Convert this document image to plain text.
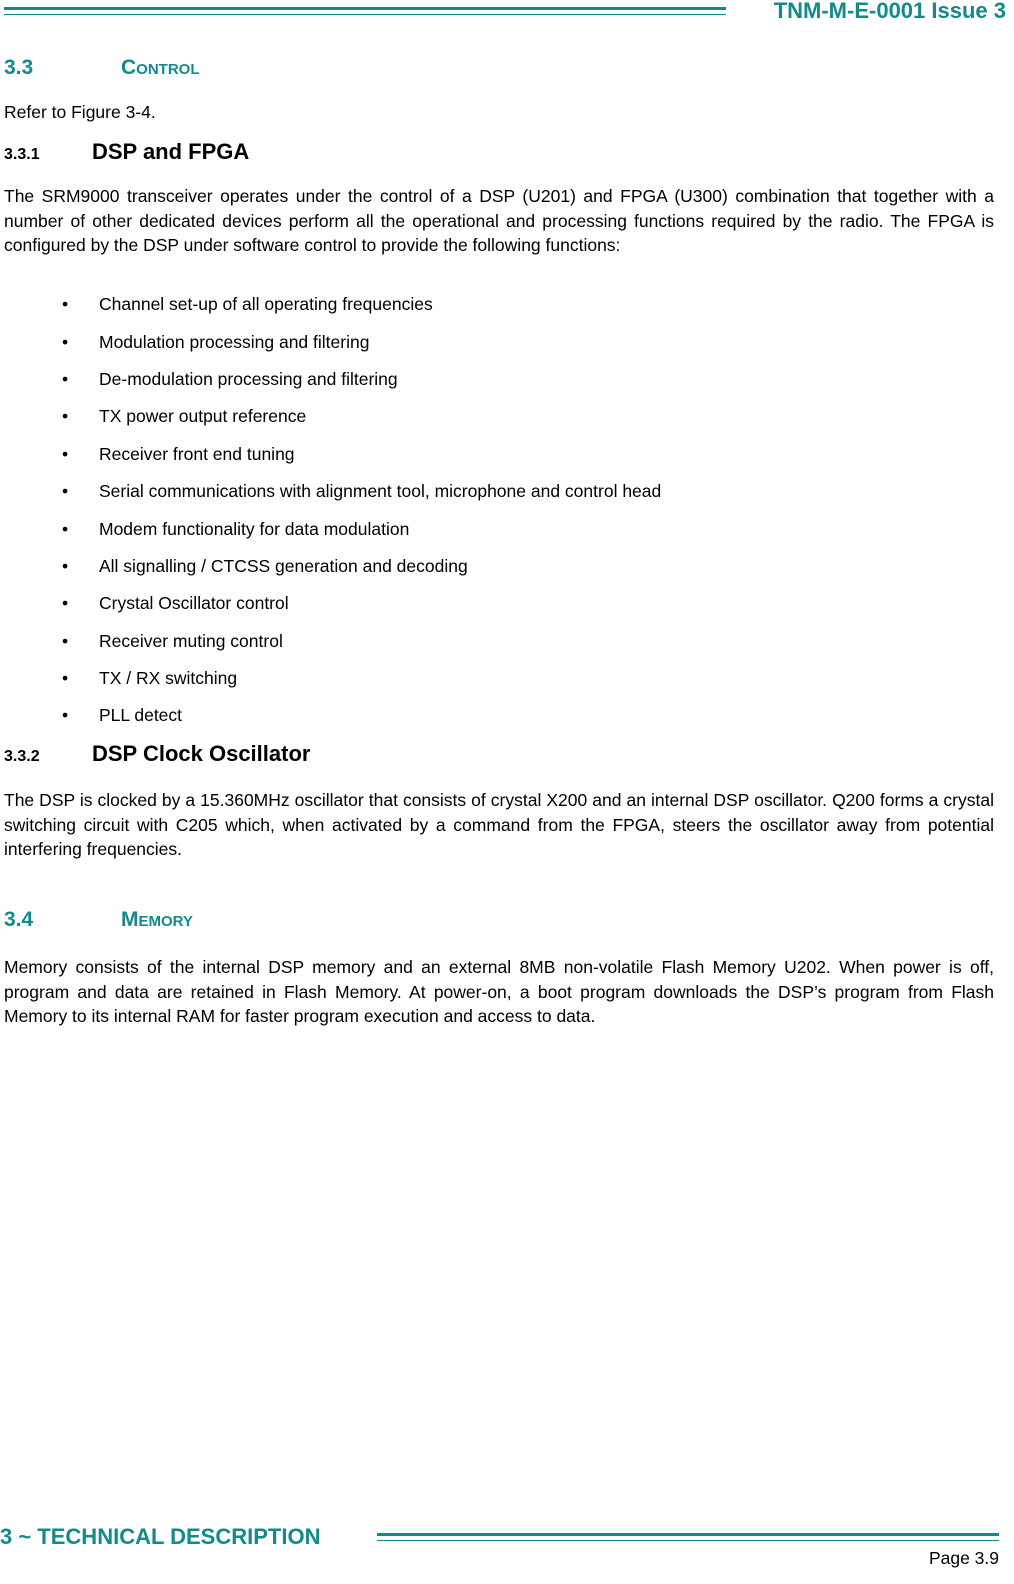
TNM-M-E-0001 Issue 3
3.3	Control
Refer to Figure 3-4.
3.3.1 DSP and FPGA

The SRM9000 transceiver operates under the control of a DSP (U201) and FPGA (U300) combination that together with a number of other dedicated devices perform all the operational and processing functions required by the radio. The FPGA is configured by the DSP under software control to provide the following functions:

• Channel set-up of all operating frequencies
• Modulation processing and filtering
• De-modulation processing and filtering
• TX power output reference
• Receiver front end tuning
• Serial communications with alignment tool, microphone and control head
• Modem functionality for data modulation
• All signalling / CTCSS generation and decoding
• Crystal Oscillator control
• Receiver muting control
• TX / RX switching
• PLL detect
3.3.2 DSP Clock Oscillator

The DSP is clocked by a 15.360MHz oscillator that consists of crystal X200 and an internal DSP oscillator. Q200 forms a crystal switching circuit with C205 which, when activated by a command from the FPGA, steers the oscillator away from potential interfering frequencies.

3.4	Memory

Memory consists of the internal DSP memory and an external 8MB non-volatile Flash Memory U202. When power is off, program and data are retained in Flash Memory. At power-on, a boot program downloads the DSP’s program from Flash Memory to its internal RAM for faster program execution and access to data.

3 ~ TECHNICAL DESCRIPTION
Page 3.9
